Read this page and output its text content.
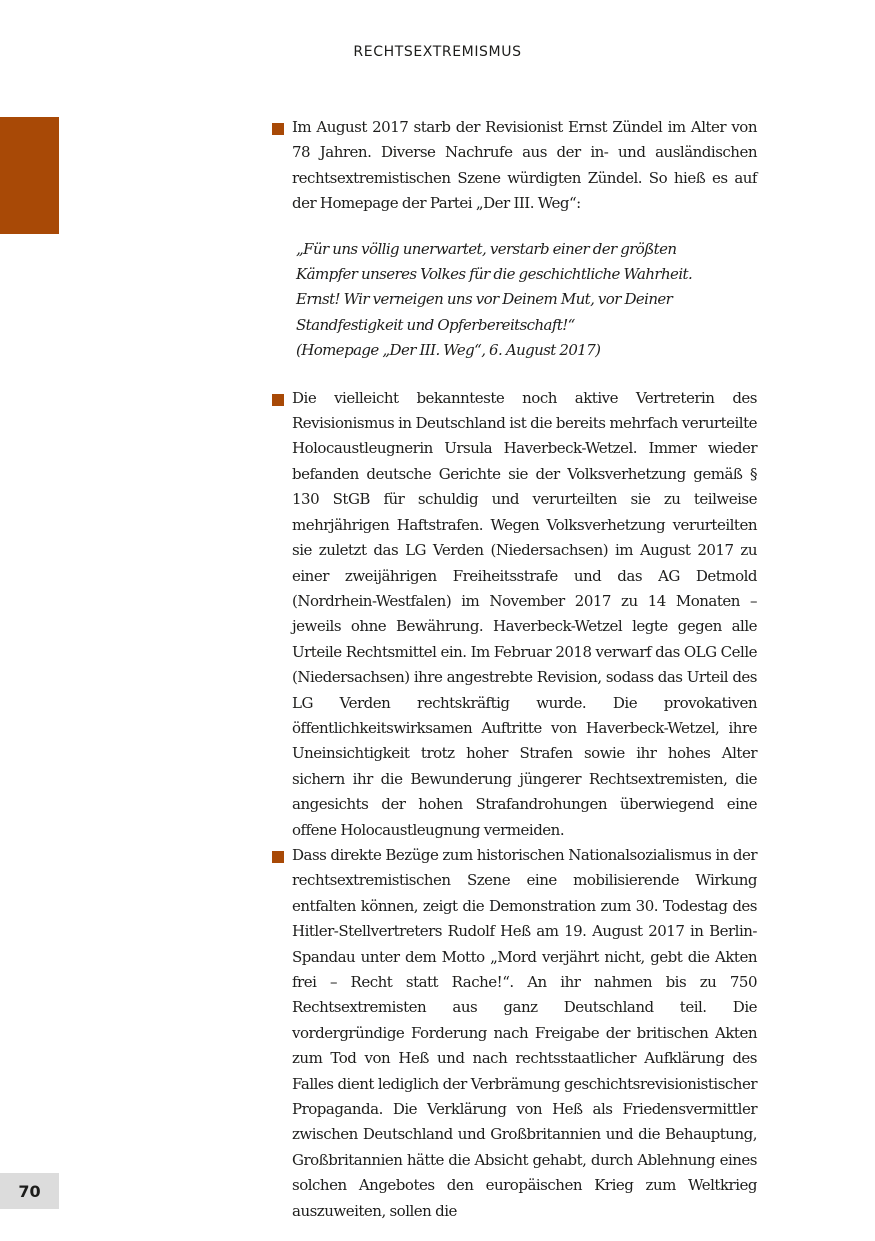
RECHTSEXTREMISMUS

Im August 2017 starb der Revisionist Ernst Zündel im Alter von 78 Jahren. Diverse Nachrufe aus der in- und ausländischen rechtsextremistischen Szene würdigten Zündel. So hieß es auf der Homepage der Partei „Der III. Weg“:

„Für uns völlig unerwartet, verstarb einer der größten Kämpfer unseres Volkes für die geschichtliche Wahrheit. Ernst! Wir verneigen uns vor Deinem Mut, vor Deiner Standfestigkeit und Opferbereitschaft!“

(Homepage „Der III. Weg“, 6. August 2017)

Die vielleicht bekannteste noch aktive Vertreterin des Revisionismus in Deutschland ist die bereits mehrfach verurteilte Holocaustleugnerin Ursula Haverbeck-Wetzel. Immer wieder befanden deutsche Gerichte sie der Volksverhetzung gemäß § 130 StGB für schuldig und verurteilten sie zu teilweise mehrjährigen Haftstrafen. Wegen Volksverhetzung verurteilten sie zuletzt das LG Verden (Niedersachsen) im August 2017 zu einer zweijährigen Freiheitsstrafe und das AG Detmold (Nordrhein-Westfalen) im November 2017 zu 14 Monaten – jeweils ohne Bewährung. Haverbeck-Wetzel legte gegen alle Urteile Rechtsmittel ein. Im Februar 2018 verwarf das OLG Celle (Niedersachsen) ihre angestrebte Revision, sodass das Urteil des LG Verden rechtskräftig wurde. Die provokativen öffentlichkeitswirksamen Auftritte von Haverbeck-Wetzel, ihre Uneinsichtigkeit trotz hoher Strafen sowie ihr hohes Alter sichern ihr die Bewunderung jüngerer Rechtsextremisten, die angesichts der hohen Strafandrohungen überwiegend eine offene Holocaustleugnung vermeiden.

Dass direkte Bezüge zum historischen Nationalsozialismus in der rechtsextremistischen Szene eine mobilisierende Wirkung entfalten können, zeigt die Demonstration zum 30. Todestag des Hitler-Stellvertreters Rudolf Heß am 19. August 2017 in Berlin-Spandau unter dem Motto „Mord verjährt nicht, gebt die Akten frei – Recht statt Rache!“. An ihr nahmen bis zu 750 Rechtsextremisten aus ganz Deutschland teil. Die vordergründige Forderung nach Freigabe der britischen Akten zum Tod von Heß und nach rechtsstaatlicher Aufklärung des Falles dient lediglich der Verbrämung geschichtsrevisionistischer Propaganda. Die Verklärung von Heß als Friedensvermittler zwischen Deutschland und Großbritannien und die Behauptung, Großbritannien hätte die Absicht gehabt, durch Ablehnung eines solchen Angebotes den europäischen Krieg zum Weltkrieg auszuweiten, sollen die

70
